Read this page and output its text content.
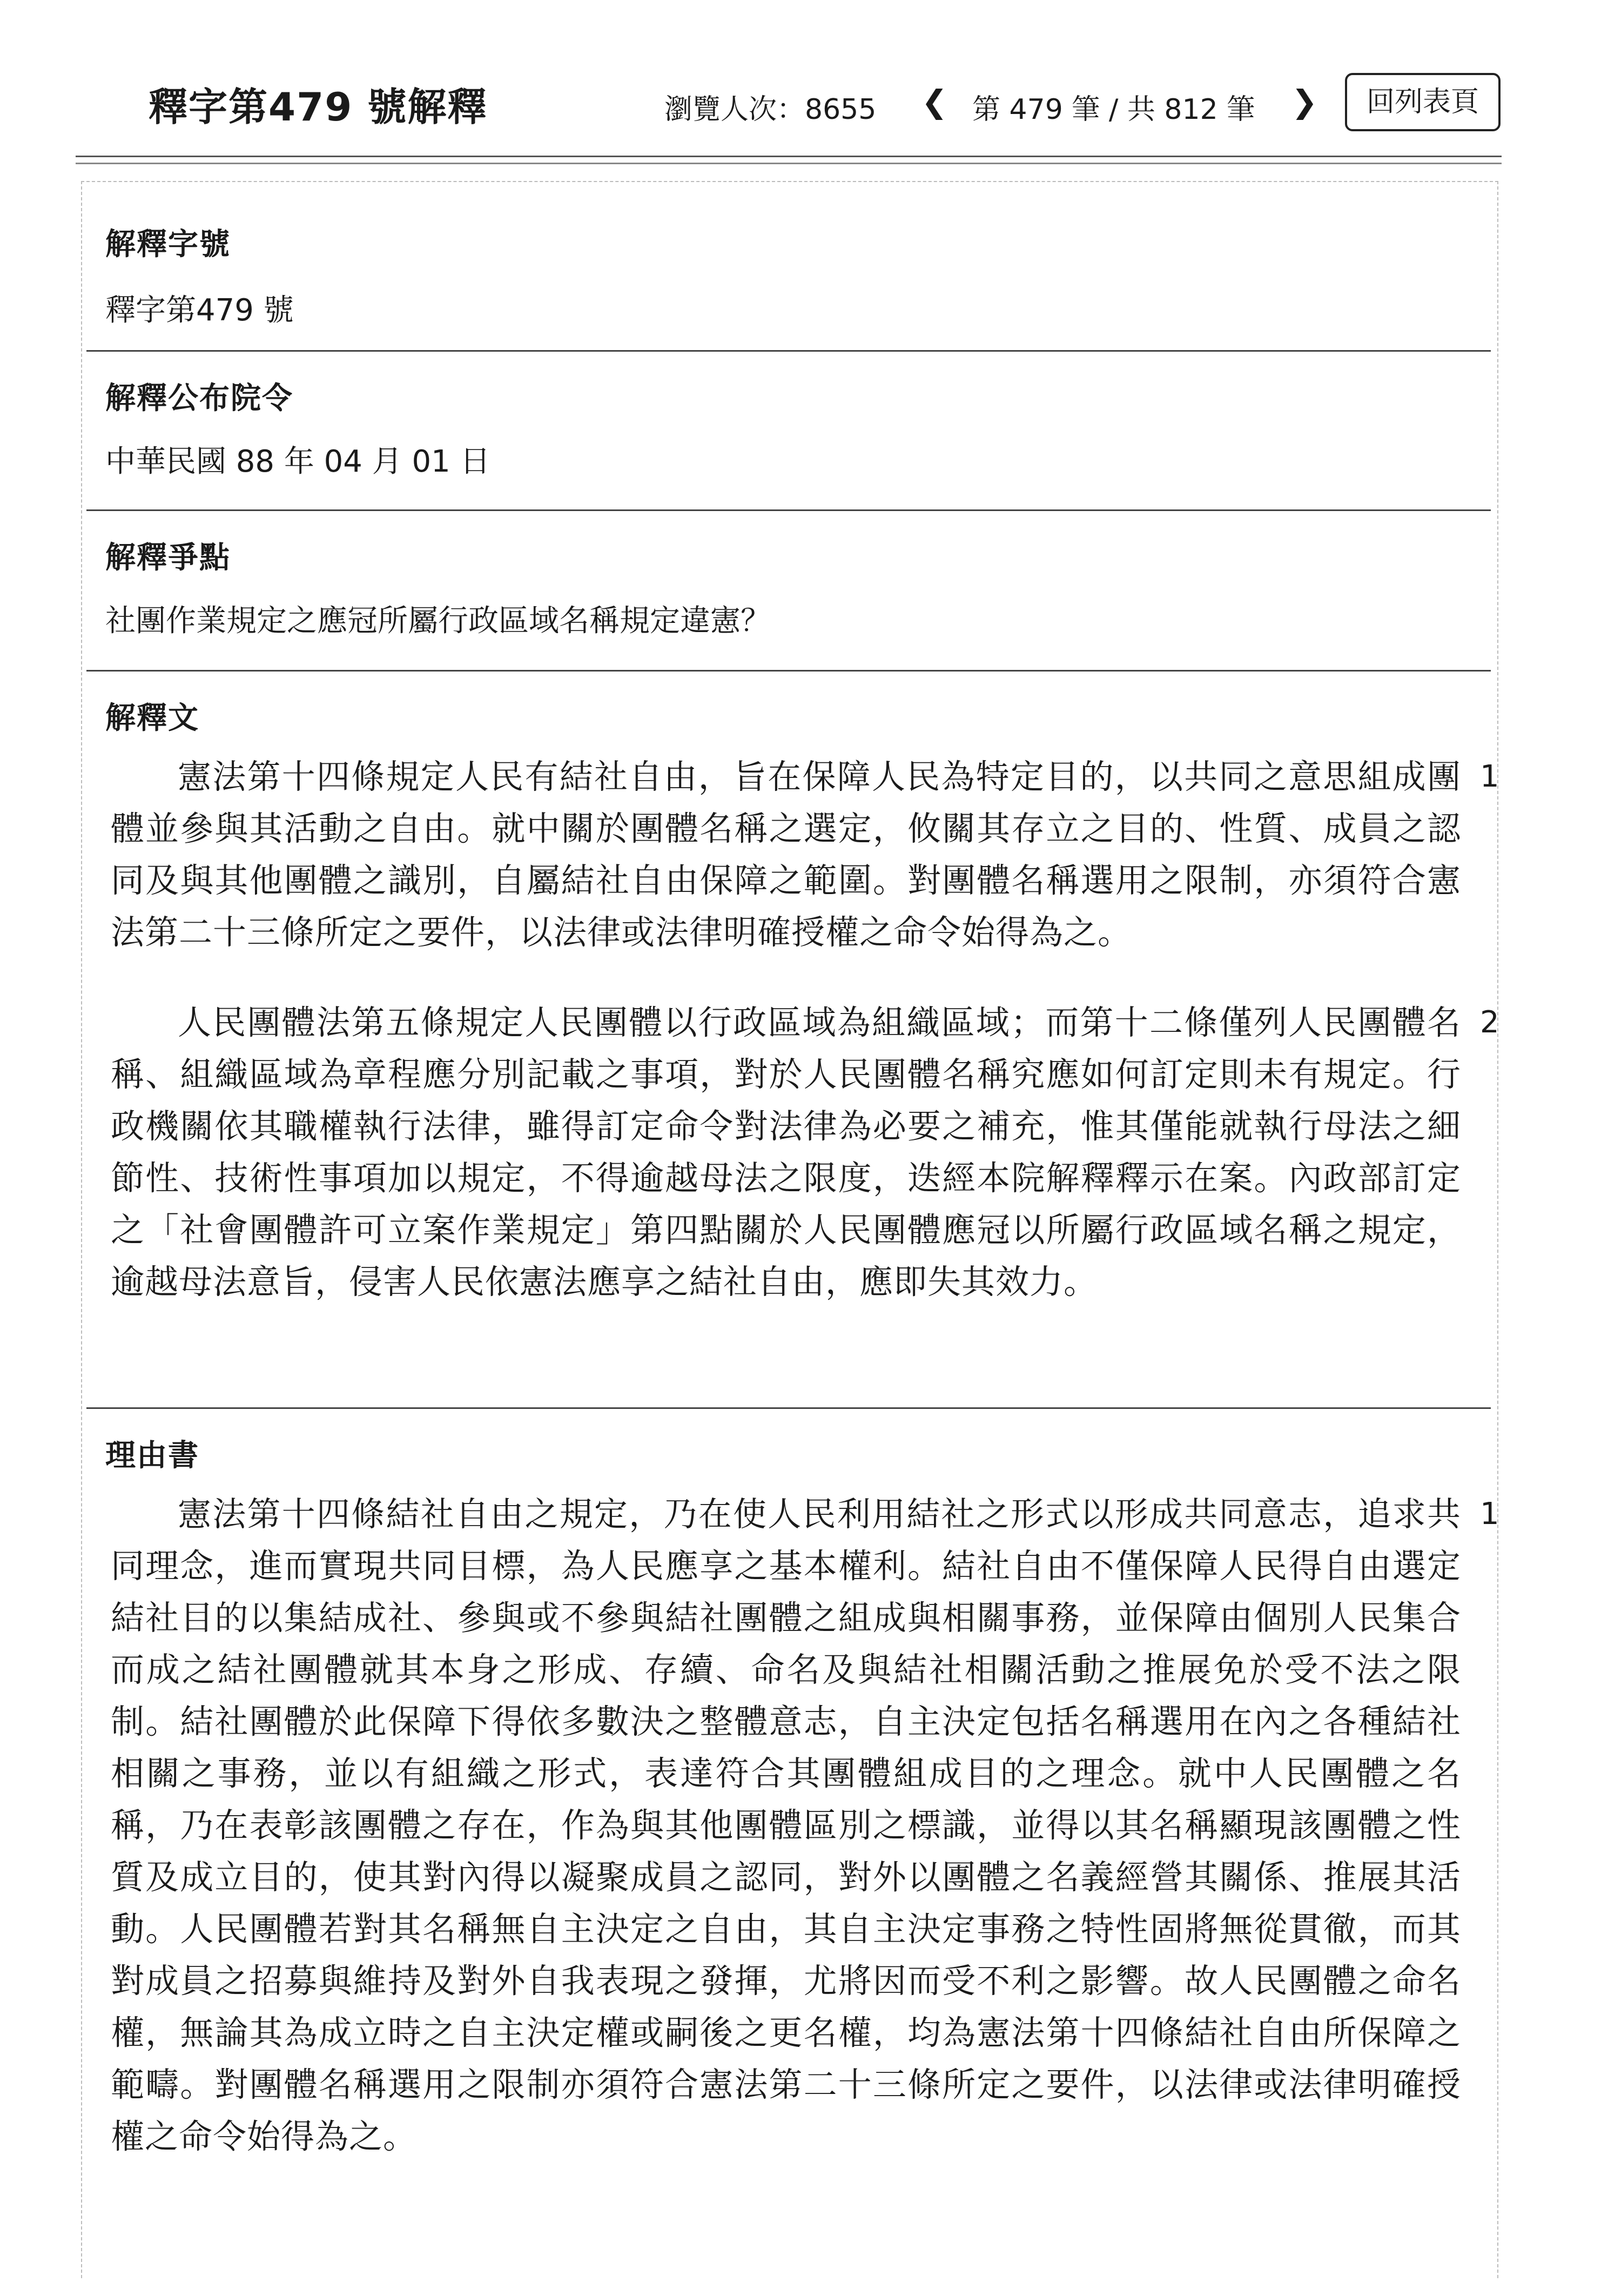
釋字第479 號解釋	瀏覽人次：8655 ❮ 第 479 筆 / 共 812 筆 ❯	回列表頁
解釋字號
釋字第479 號
解釋公布院令
中華民國 88 年 04 月 01 日
解釋爭點
社團作業規定之應冠所屬行政區域名稱規定違憲？
解釋文
憲法第十四條規定人民有結社自由，旨在保障人民為特定目的，以共同之意思組成團體並參與其活動之自由。就中關於團體名稱之選定，攸關其存立之目的、性質、成員之認同及與其他團體之識別，自屬結社自由保障之範圍。對團體名稱選用之限制，亦須符合憲法第二十三條所定之要件，以法律或法律明確授權之命令始得為之。
1
人民團體法第五條規定人民團體以行政區域為組織區域；而第十二條僅列人民團體名稱、組織區域為章程應分別記載之事項，對於人民團體名稱究應如何訂定則未有規定。行政機關依其職權執行法律，雖得訂定命令對法律為必要之補充，惟其僅能就執行母法之細節性、技術性事項加以規定，不得逾越母法之限度，迭經本院解釋釋示在案。內政部訂定之「社會團體許可立案作業規定」第四點關於人民團體應冠以所屬行政區域名稱之規定，逾越母法意旨，侵害人民依憲法應享之結社自由，應即失其效力。
2
理由書
憲法第十四條結社自由之規定，乃在使人民利用結社之形式以形成共同意志，追求共同理念，進而實現共同目標，為人民應享之基本權利。結社自由不僅保障人民得自由選定結社目的以集結成社、參與或不參與結社團體之組成與相關事務，並保障由個別人民集合而成之結社團體就其本身之形成、存續、命名及與結社相關活動之推展免於受不法之限制。結社團體於此保障下得依多數決之整體意志，自主決定包括名稱選用在內之各種結社相關之事務，並以有組織之形式，表達符合其團體組成目的之理念。就中人民團體之名稱，乃在表彰該團體之存在，作為與其他團體區別之標識，並得以其名稱顯現該團體之性質及成立目的，使其對內得以凝聚成員之認同，對外以團體之名義經營其關係、推展其活動。人民團體若對其名稱無自主決定之自由，其自主決定事務之特性固將無從貫徹，而其對成員之招募與維持及對外自我表現之發揮，尤將因而受不利之影響。故人民團體之命名權，無論其為成立時之自主決定權或嗣後之更名權，均為憲法第十四條結社自由所保障之範疇。對團體名稱選用之限制亦須符合憲法第二十三條所定之要件，以法律或法律明確授權之命令始得為之。
1
